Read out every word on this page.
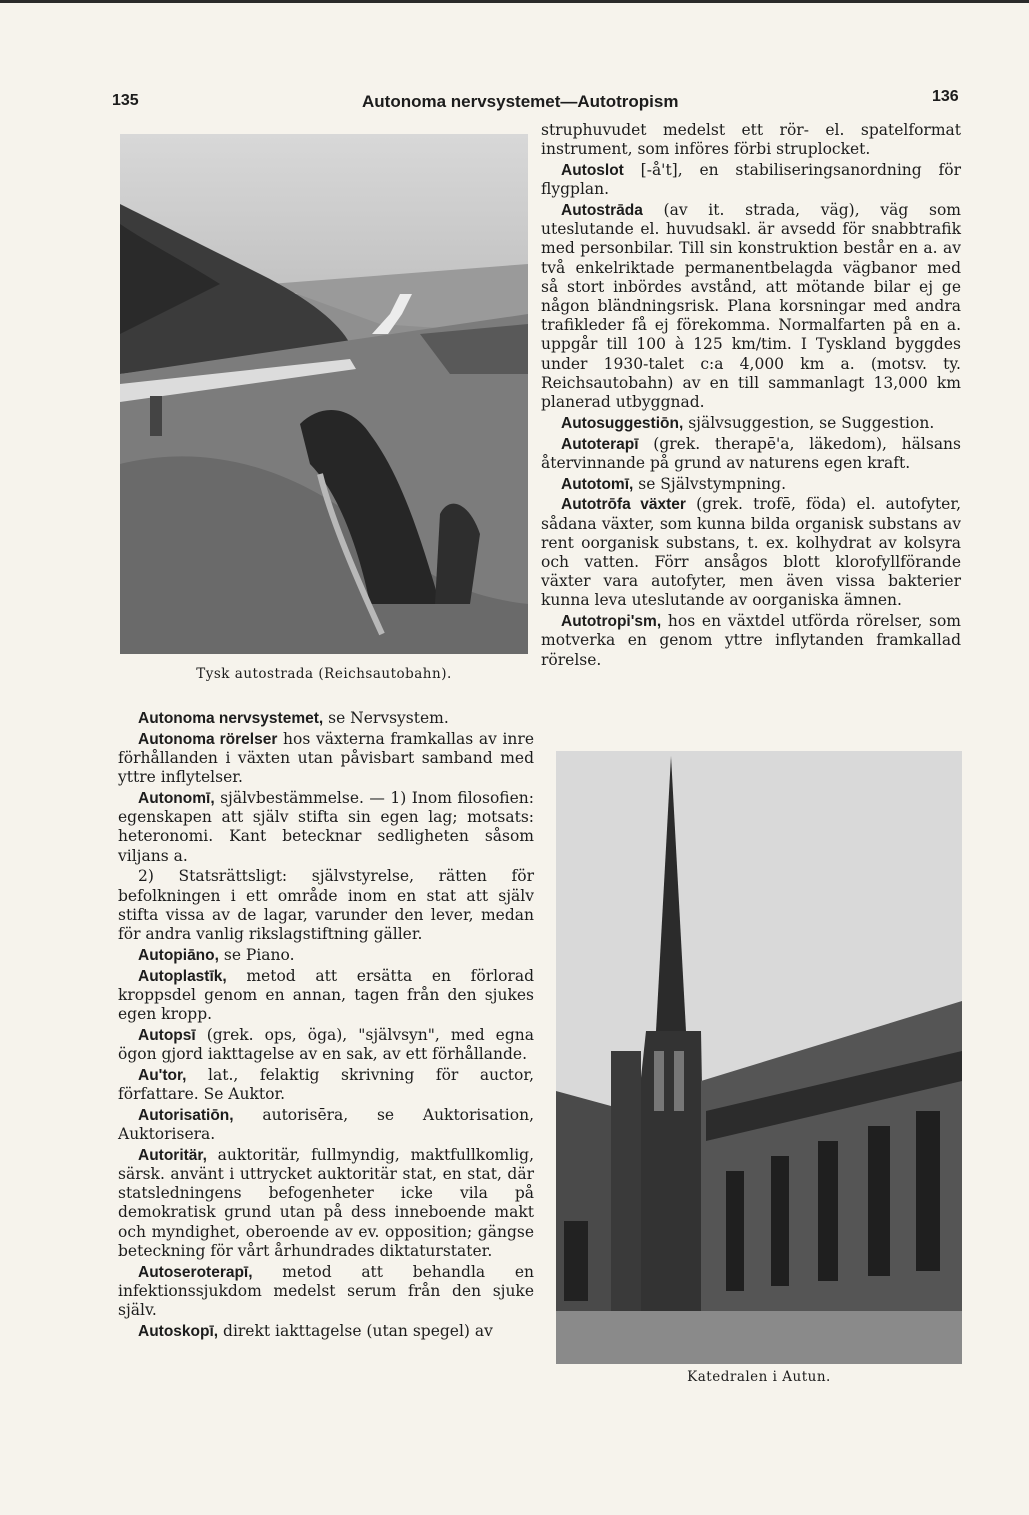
135	Autonoma nervsystemet—Autotropism	136
Tysk autostrada (Reichsautobahn).

Autonoma nervsystemet, se Nervsystem.

Autonoma rörelser hos växterna framkallas av inre förhållanden i växten utan påvisbart samband med yttre inflytelser.

Autonomī, självbestämmelse. — 1) Inom filosofien: egenskapen att själv stifta sin egen lag; motsats: heteronomi. Kant betecknar sedligheten såsom viljans a.

2) Statsrättsligt: självstyrelse, rätten för befolkningen i ett område inom en stat att själv stifta vissa av de lagar, varunder den lever, medan för andra vanlig rikslagstiftning gäller.

Autopiāno, se Piano.

Autoplastīk, metod att ersätta en förlorad kroppsdel genom en annan, tagen från den sjukes egen kropp.

Autopsī (grek. ops, öga), "självsyn", med egna ögon gjord iakttagelse av en sak, av ett förhållande.

Au'tor, lat., felaktig skrivning för auctor, författare. Se Auktor.

Autorisatiōn, autorisēra, se Auktorisation, Auktorisera.

Autoritär, auktoritär, fullmyndig, maktfullkomlig, särsk. använt i uttrycket auktoritär stat, en stat, där statsledningens befogenheter icke vila på demokratisk grund utan på dess inneboende makt och myndighet, oberoende av ev. opposition; gängse beteckning för vårt århundrades diktaturstater.

Autoseroterapī, metod att behandla en infektionssjukdom medelst serum från den sjuke själv.

Autoskopī, direkt iakttagelse (utan spegel) av

struphuvudet medelst ett rör- el. spatelformat instrument, som införes förbi struplocket.

Autoslot [-å't], en stabiliseringsanordning för flygplan.

Autostrāda (av it. strada, väg), väg som uteslutande el. huvudsakl. är avsedd för snabbtrafik med personbilar. Till sin konstruktion består en a. av två enkelriktade permanentbelagda vägbanor med så stort inbördes avstånd, att mötande bilar ej ge någon bländningsrisk. Plana korsningar med andra trafikleder få ej förekomma. Normalfarten på en a. uppgår till 100 à 125 km/tim. I Tyskland byggdes under 1930-talet c:a 4,000 km a. (motsv. ty. Reichsautobahn) av en till sammanlagt 13,000 km planerad utbyggnad.

Autosuggestiōn, självsuggestion, se Suggestion.

Autoterapī (grek. therapē'a, läkedom), hälsans återvinnande på grund av naturens egen kraft.

Autotomī, se Självstympning.

Autotrōfa växter (grek. trofē, föda) el. autofyter, sådana växter, som kunna bilda organisk substans av rent oorganisk substans, t. ex. kolhydrat av kolsyra och vatten. Förr ansågos blott klorofyllförande växter vara autofyter, men även vissa bakterier kunna leva uteslutande av oorganiska ämnen.

Autotropi'sm, hos en växtdel utförda rörelser, som motverka en genom yttre inflytanden framkallad rörelse.

Katedralen i Autun.
